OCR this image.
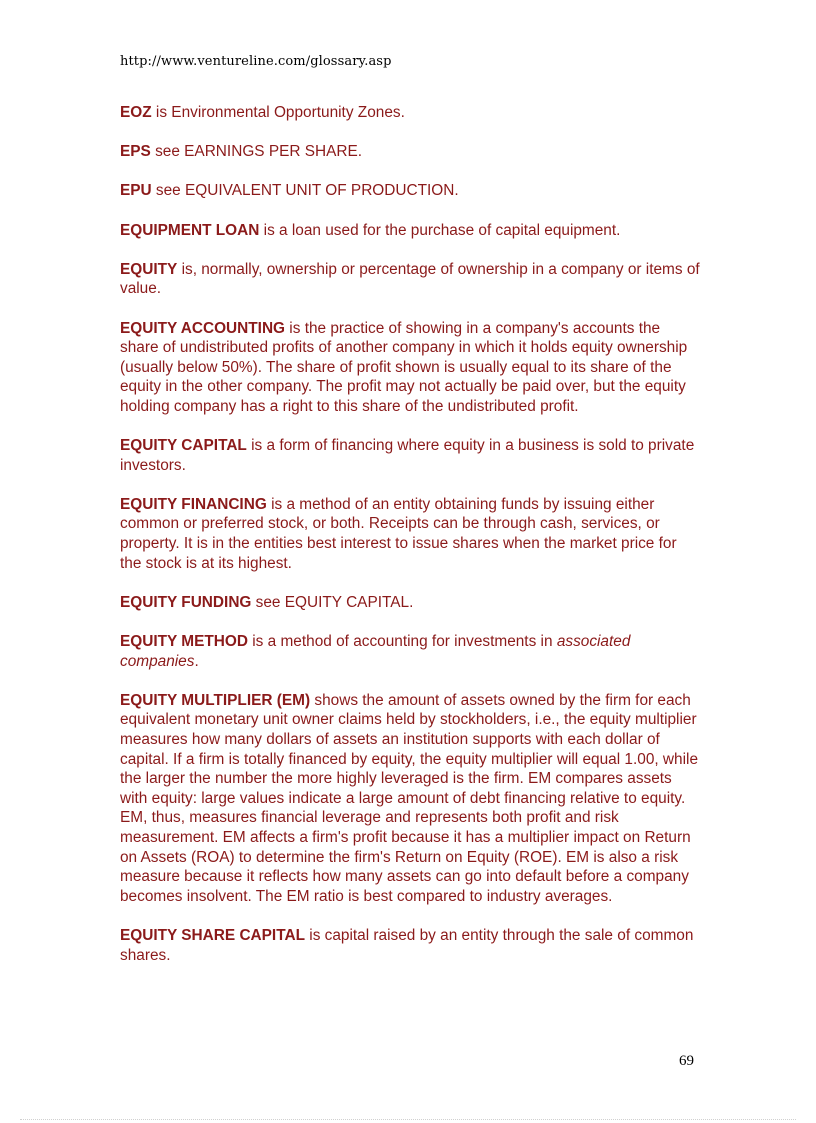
http://www.ventureline.com/glossary.asp

EOZ is Environmental Opportunity Zones.

EPS see EARNINGS PER SHARE.

EPU see EQUIVALENT UNIT OF PRODUCTION.

EQUIPMENT LOAN is a loan used for the purchase of capital equipment.

EQUITY is, normally, ownership or percentage of ownership in a company or items of value.

EQUITY ACCOUNTING is the practice of showing in a company's accounts the share of undistributed profits of another company in which it holds equity ownership (usually below 50%). The share of profit shown is usually equal to its share of the equity in the other company. The profit may not actually be paid over, but the equity holding company has a right to this share of the undistributed profit.

EQUITY CAPITAL is a form of financing where equity in a business is sold to private investors.

EQUITY FINANCING is a method of an entity obtaining funds by issuing either common or preferred stock, or both. Receipts can be through cash, services, or property. It is in the entities best interest to issue shares when the market price for the stock is at its highest.

EQUITY FUNDING see EQUITY CAPITAL.

EQUITY METHOD is a method of accounting for investments in associated companies.

EQUITY MULTIPLIER (EM) shows the amount of assets owned by the firm for each equivalent monetary unit owner claims held by stockholders, i.e., the equity multiplier measures how many dollars of assets an institution supports with each dollar of capital. If a firm is totally financed by equity, the equity multiplier will equal 1.00, while the larger the number the more highly leveraged is the firm. EM compares assets with equity: large values indicate a large amount of debt financing relative to equity. EM, thus, measures financial leverage and represents both profit and risk measurement. EM affects a firm's profit because it has a multiplier impact on Return on Assets (ROA) to determine the firm's Return on Equity (ROE). EM is also a risk measure because it reflects how many assets can go into default before a company becomes insolvent. The EM ratio is best compared to industry averages.

EQUITY SHARE CAPITAL is capital raised by an entity through the sale of common shares.

69
